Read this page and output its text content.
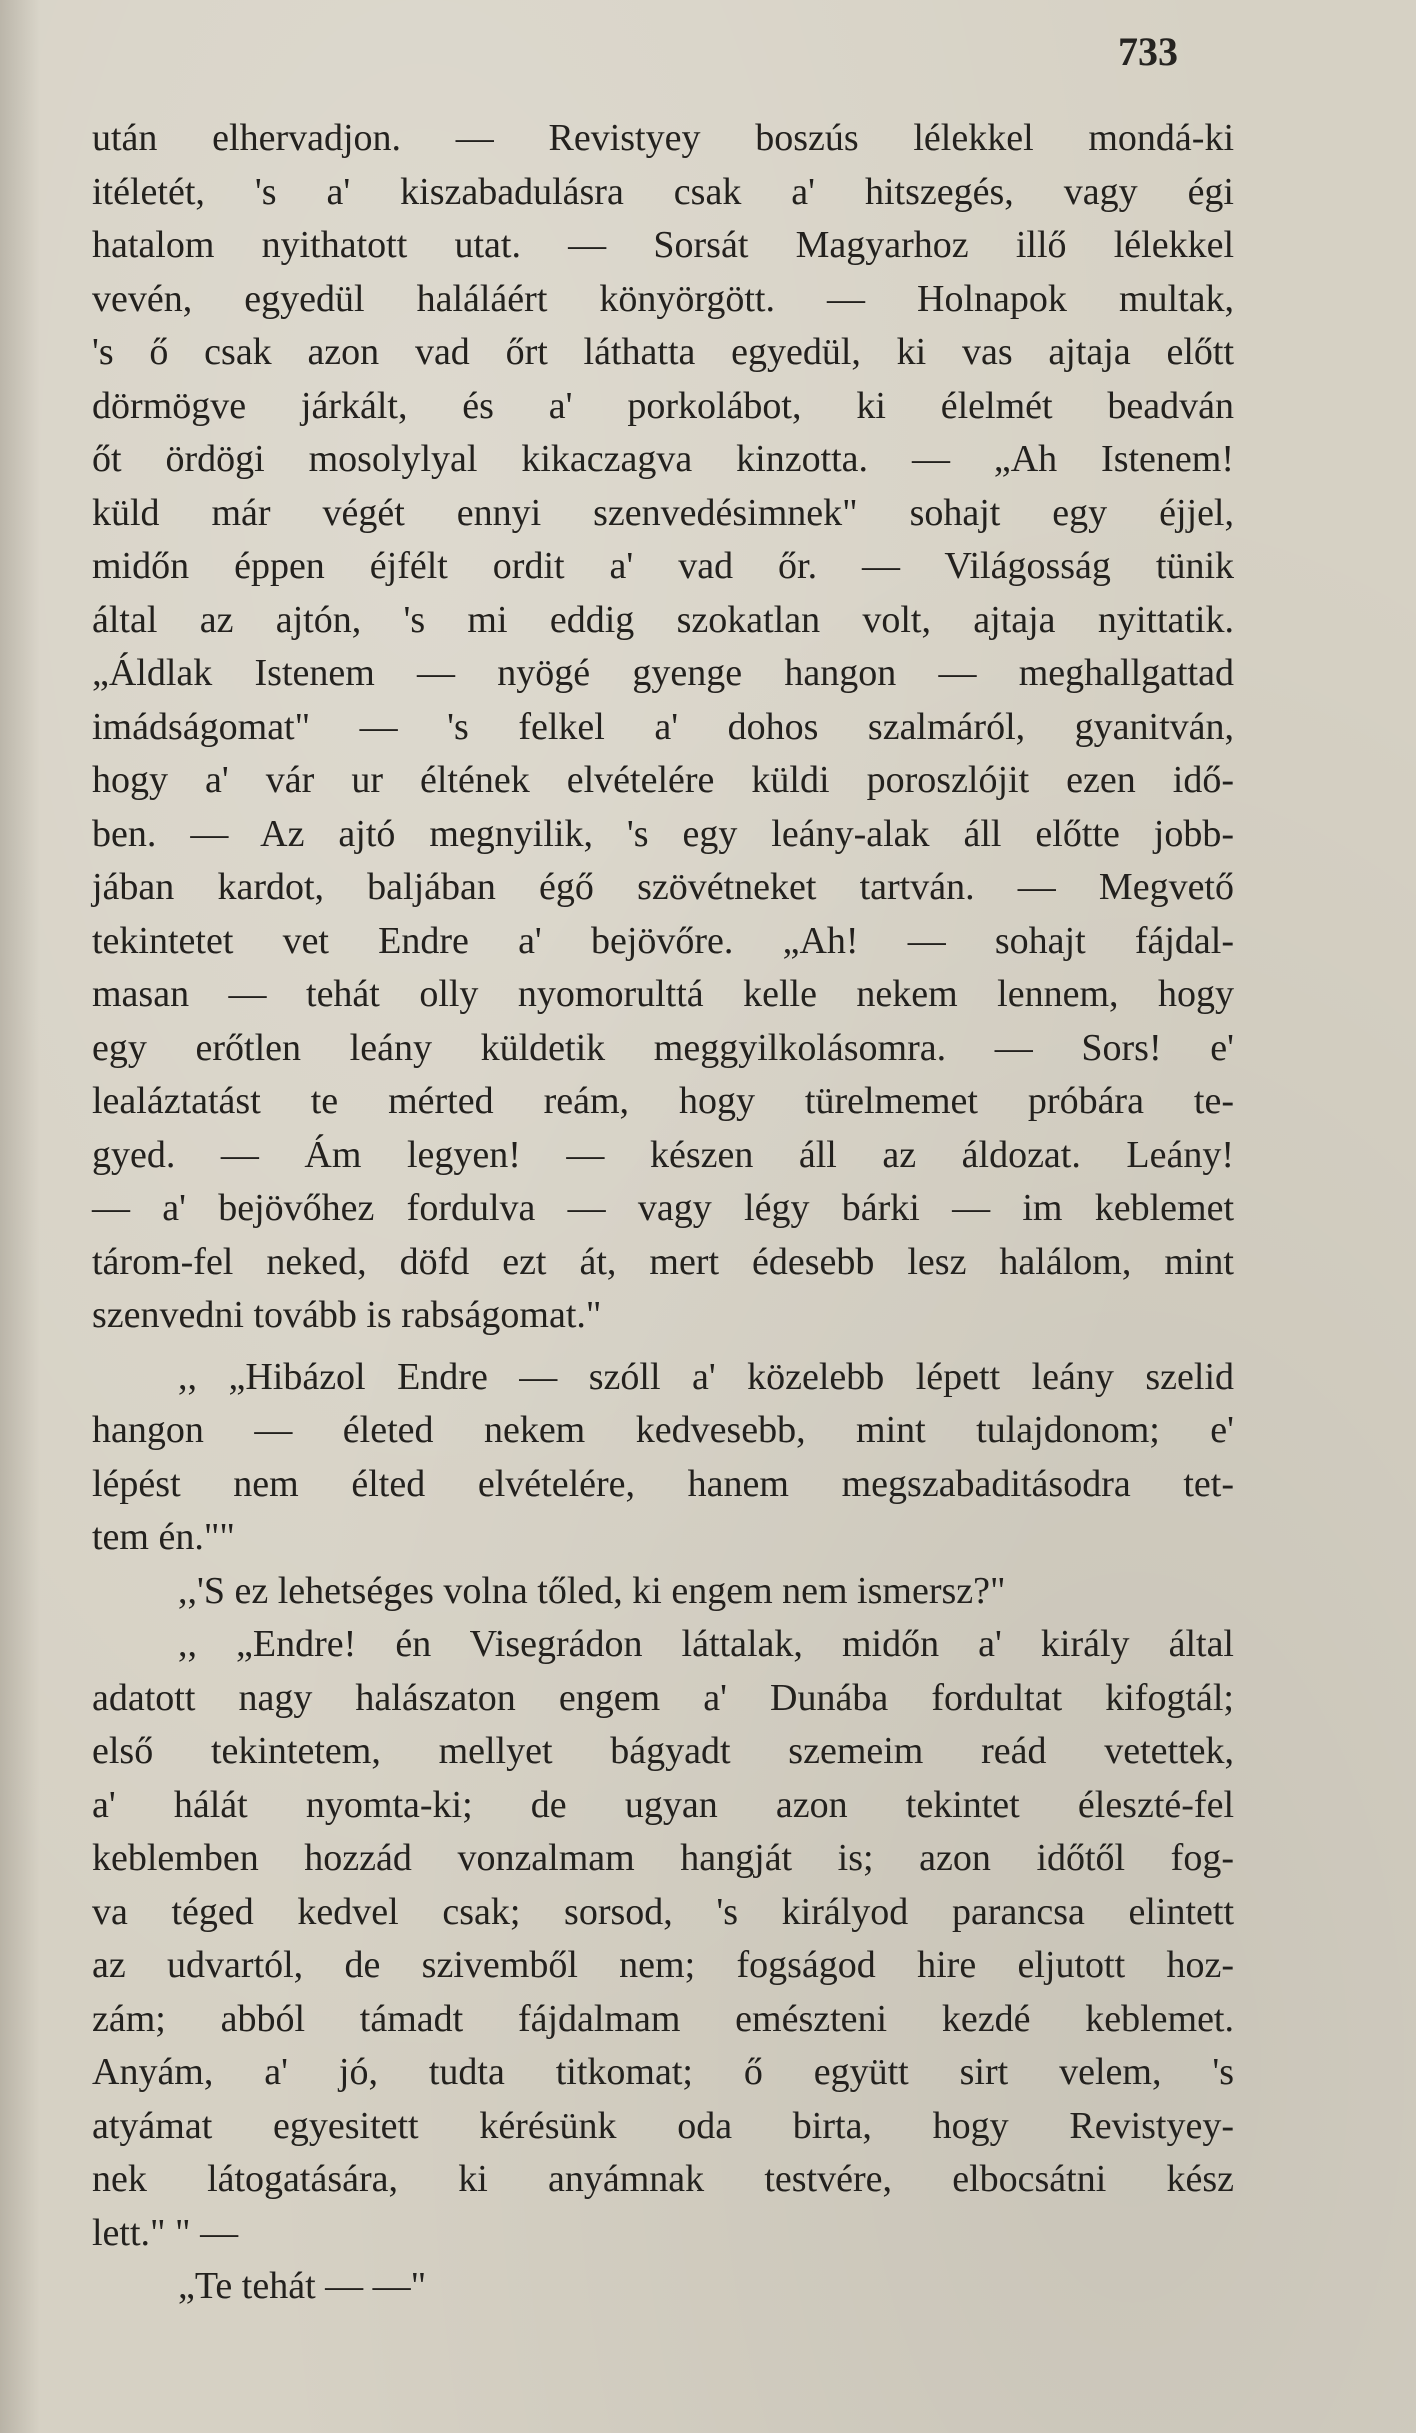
733
után elhervadjon. — Revistyey boszús lélekkel mondá-ki
itéletét, 's a' kiszabadulásra csak a' hitszegés, vagy égi
hatalom nyithatott utat. — Sorsát Magyarhoz illő lélekkel
vevén, egyedül haláláért könyörgött. — Holnapok multak,
's ő csak azon vad őrt láthatta egyedül, ki vas ajtaja előtt
dörmögve járkált, és a' porkolábot, ki élelmét beadván
őt ördögi mosolylyal kikaczagva kinzotta. — „Ah Istenem!
küld már végét ennyi szenvedésimnek" sohajt egy éjjel,
midőn éppen éjfélt ordit a' vad őr. — Világosság tünik
által az ajtón, 's mi eddig szokatlan volt, ajtaja nyittatik.
„Áldlak Istenem — nyögé gyenge hangon — meghallgattad
imádságomat" — 's felkel a' dohos szalmáról, gyanitván,
hogy a' vár ur éltének elvételére küldi poroszlójit ezen idő-
ben. — Az ajtó megnyilik, 's egy leány-alak áll előtte jobb-
jában kardot, baljában égő szövétneket tartván. — Megvető
tekintetet vet Endre a' bejövőre. „Ah! — sohajt fájdal-
masan — tehát olly nyomorulttá kelle nekem lennem, hogy
egy erőtlen leány küldetik meggyilkolásomra. — Sors! e'
lealáztatást te mérted reám, hogy türelmemet próbára te-
gyed. — Ám legyen! — készen áll az áldozat. Leány!
— a' bejövőhez fordulva — vagy légy bárki — im keblemet
tárom-fel neked, döfd ezt át, mert édesebb lesz halálom, mint
szenvedni tovább is rabságomat."
,, „Hibázol Endre — szóll a' közelebb lépett leány szelid
hangon — életed nekem kedvesebb, mint tulajdonom; e'
lépést nem élted elvételére, hanem megszabaditásodra tet-
tem én.""
,,'S ez lehetséges volna tőled, ki engem nem ismersz?"
,, „Endre! én Visegrádon láttalak, midőn a' király által
adatott nagy halászaton engem a' Dunába fordultat kifogtál;
első tekintetem, mellyet bágyadt szemeim reád vetettek,
a' hálát nyomta-ki; de ugyan azon tekintet éleszté-fel
keblemben hozzád vonzalmam hangját is; azon időtől fog-
va téged kedvel csak; sorsod, 's királyod parancsa elintett
az udvartól, de szivemből nem; fogságod hire eljutott hoz-
zám; abból támadt fájdalmam emészteni kezdé keblemet.
Anyám, a' jó, tudta titkomat; ő együtt sirt velem, 's
atyámat egyesitett kérésünk oda birta, hogy Revistyey-
nek látogatására, ki anyámnak testvére, elbocsátni kész
lett." " —
„Te tehát — —"
